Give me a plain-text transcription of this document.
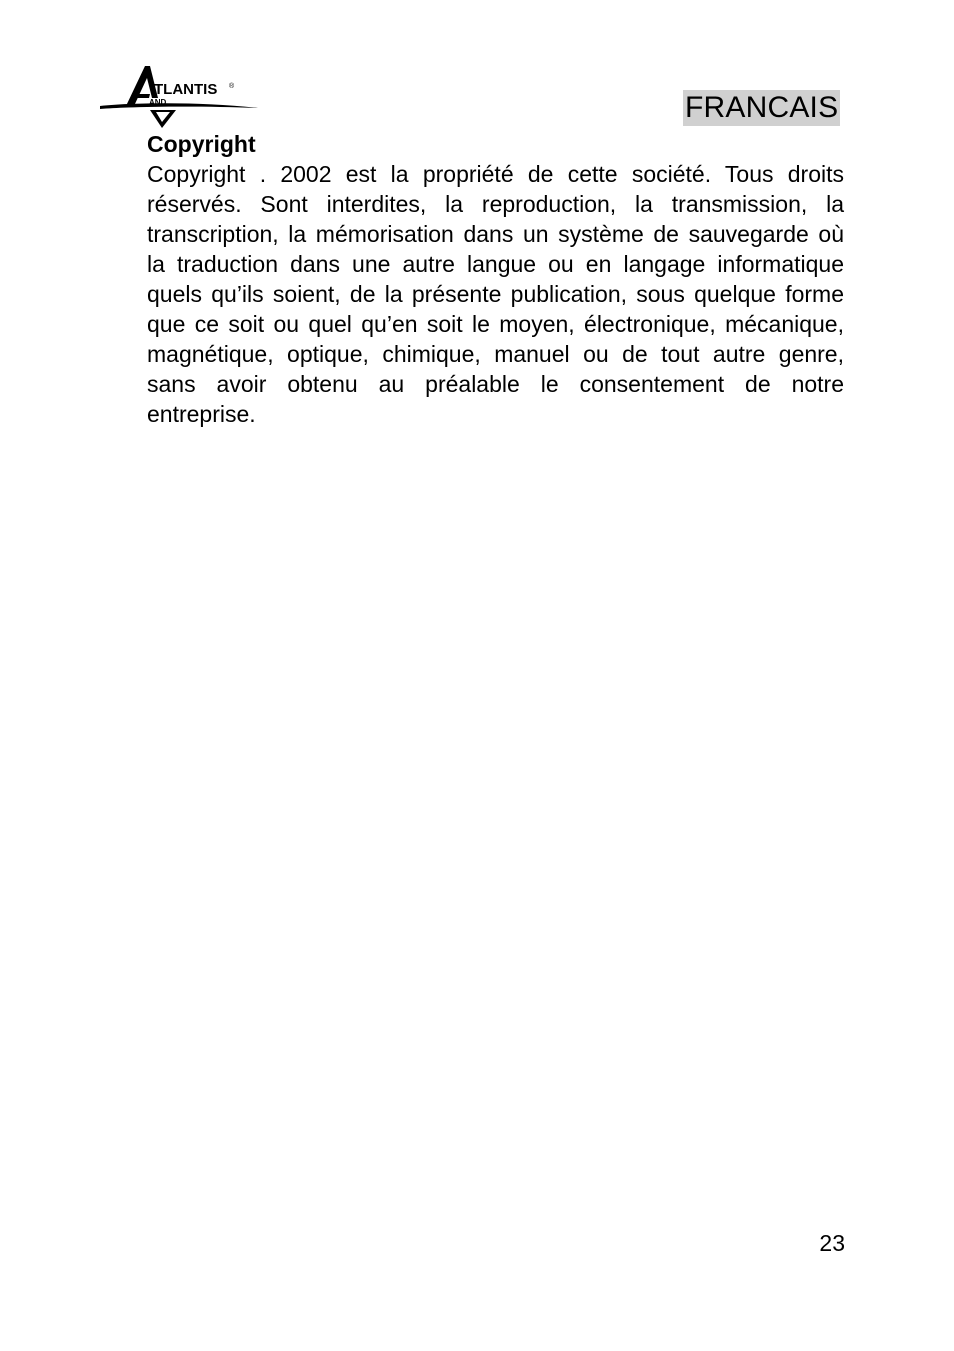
TLANTIS
AND
®
FRANCAIS
Copyright

Copyright . 2002 est la propriété de cette société. Tous droits réservés. Sont interdites, la reproduction, la transmission, la transcription, la mémorisation dans un système de sauvegarde où la traduction dans une autre langue ou en langage informatique quels qu’ils soient, de la présente publication, sous quelque forme que ce soit ou quel qu’en soit le moyen, électronique, mécanique, magnétique, optique, chimique, manuel ou de tout autre genre, sans avoir obtenu au préalable le consentement de notre entreprise.

23
